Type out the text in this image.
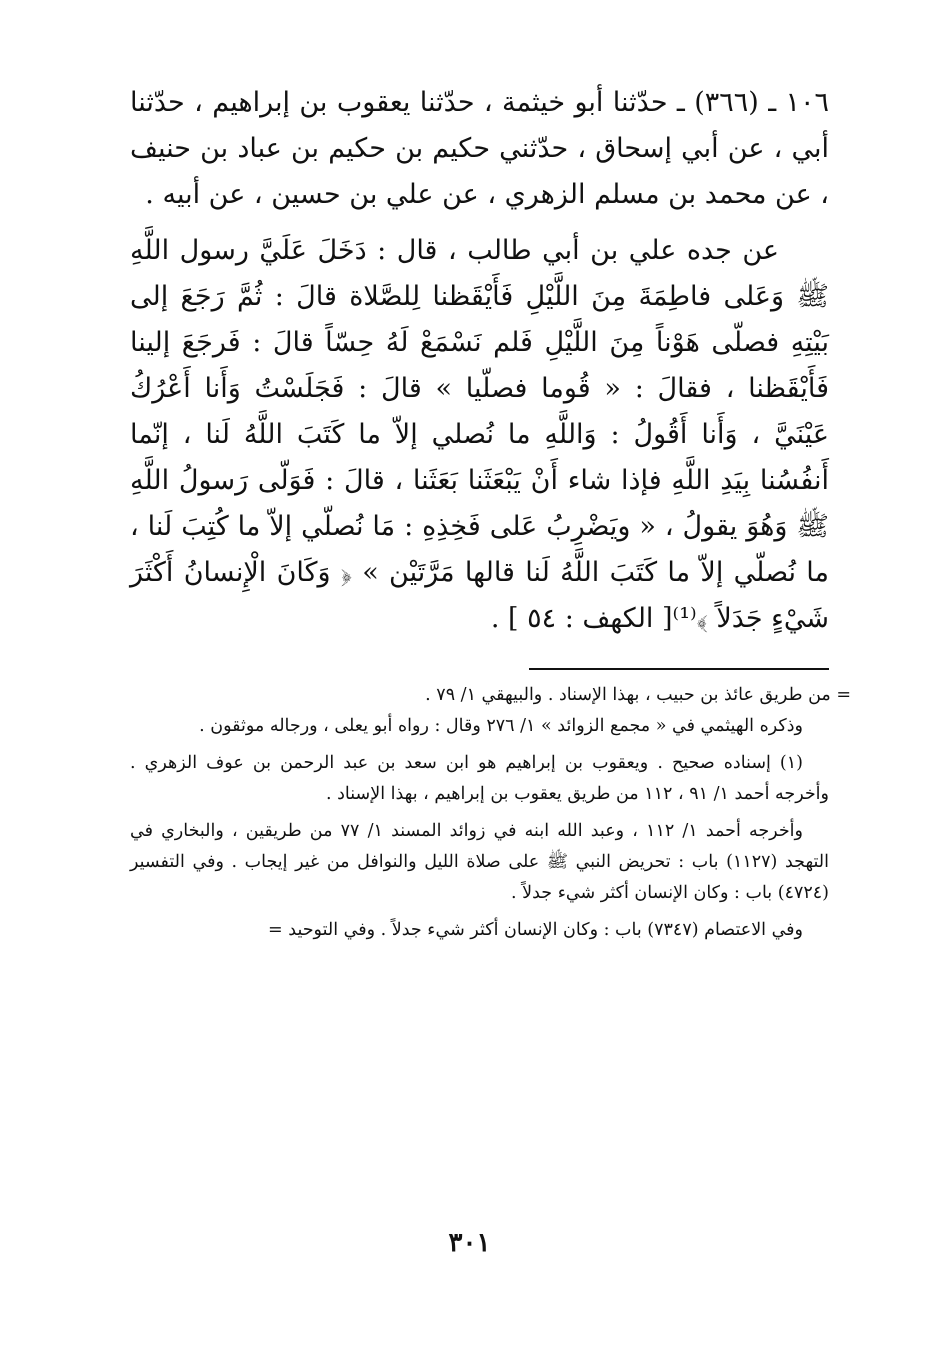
١٠٦ ـ (٣٦٦) ـ حدّثنا أبو خيثمة ، حدّثنا يعقوب بن إبراهيم ، حدّثنا أبي ، عن أبي إسحاق ، حدّثني حكيم بن حكيم بن عباد بن حنيف ، عن محمد بن مسلم الزهري ، عن علي بن حسين ، عن أبيه .

عن جده علي بن أبي طالب ، قال : دَخَلَ عَلَيَّ رسول اللَّهِ ﷺ وَعَلى فاطِمَةَ مِنَ اللَّيْلِ فَأَيْقَظنا لِلصَّلاة قالَ : ثُمَّ رَجَعَ إلى بَيْتِهِ فصلّى هَوْناً مِنَ اللَّيْلِ فَلم نَسْمَعْ لَهُ حِسّاً قالَ : فَرجَعَ إلينا فَأَيْقَظنا ، فقالَ : « قُوما فصلّيا » قالَ : فَجَلَسْتُ وَأَنا أَعْرُكُ عَيْنَيَّ ، وَأَنا أَقُولُ : وَاللَّهِ ما نُصلي إلاّ ما كَتَبَ اللَّهُ لَنا ، إنّما أَنفُسُنا بِيَدِ اللَّهِ فإذا شاء أَنْ يَبْعَثَنا بَعَثَنا ، قالَ : فَوَلّى رَسولُ اللَّهِ ﷺ وَهُوَ يقولُ ، « ويَضْرِبُ عَلى فَخِذِهِ : مَا نُصلّي إلاّ ما كُتِبَ لَنا ، ما نُصلّي إلاّ ما كَتَبَ اللَّهُ لَنا قالها مَرَّتَيْن » ﴿ وَكَانَ الْإِنسانُ أَكْثَرَ شَيْءٍ جَدَلاً ﴾⁽¹⁾[ الكهف : ٥٤ ] .

= من طريق عائذ بن حبيب ، بهذا الإسناد . والبيهقي ١/ ٧٩ .

وذكره الهيثمي في « مجمع الزوائد » ١/ ٢٧٦ وقال : رواه أبو يعلى ، ورجاله موثقون .

(١) إسناده صحيح . ويعقوب بن إبراهيم هو ابن سعد بن عبد الرحمن بن عوف الزهري . وأخرجه أحمد ١/ ٩١ ، ١١٢ من طريق يعقوب بن إبراهيم ، بهذا الإسناد .

وأخرجه أحمد ١/ ١١٢ ، وعبد الله ابنه في زوائد المسند ١/ ٧٧ من طريقين ، والبخاري في التهجد (١١٢٧) باب : تحريض النبي ﷺ على صلاة الليل والنوافل من غير إيجاب . وفي التفسير (٤٧٢٤) باب : وكان الإنسان أكثر شيء جدلاً .

وفي الاعتصام (٧٣٤٧) باب : وكان الإنسان أكثر شيء جدلاً . وفي التوحيد =

٣٠١
